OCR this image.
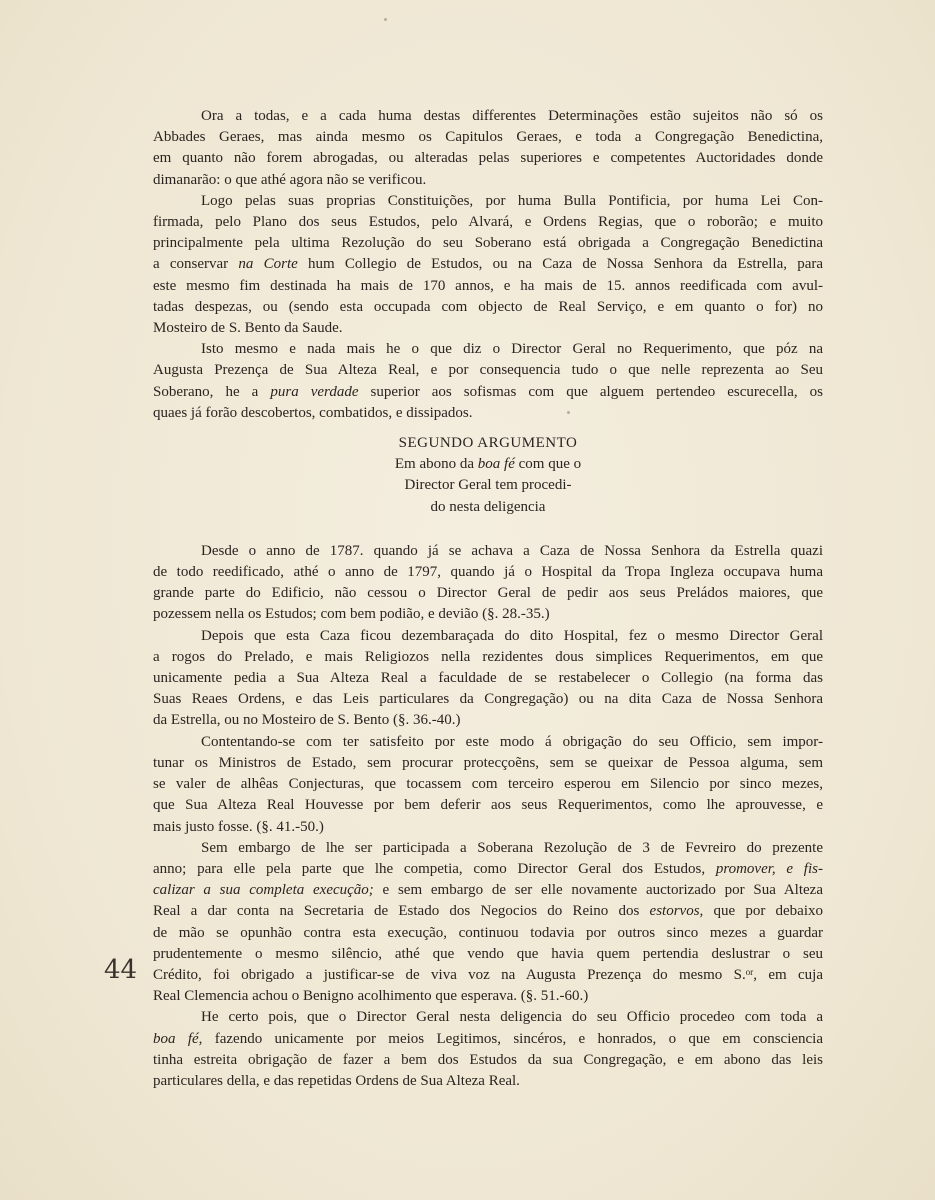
Ora a todas, e a cada huma destas differentes Determinações estão sujeitos não só os
Abbades Geraes, mas ainda mesmo os Capitulos Geraes, e toda a Congregação Benedictina,
em quanto não forem abrogadas, ou alteradas pelas superiores e competentes Auctoridades donde
dimanarão: o que athé agora não se verificou.

Logo pelas suas proprias Constituições, por huma Bulla Pontificia, por huma Lei Con-
firmada, pelo Plano dos seus Estudos, pelo Alvará, e Ordens Regias, que o roborão; e muito
principalmente pela ultima Rezolução do seu Soberano está obrigada a Congregação Benedictina
a conservar na Corte hum Collegio de Estudos, ou na Caza de Nossa Senhora da Estrella, para
este mesmo fim destinada ha mais de 170 annos, e ha mais de 15. annos reedificada com avul-
tadas despezas, ou (sendo esta occupada com objecto de Real Serviço, e em quanto o for) no
Mosteiro de S. Bento da Saude.

Isto mesmo e nada mais he o que diz o Director Geral no Requerimento, que póz na
Augusta Prezença de Sua Alteza Real, e por consequencia tudo o que nelle reprezenta ao Seu
Soberano, he a pura verdade superior aos sofismas com que alguem pertendeo escurecella, os
quaes já forão descobertos, combatidos, e dissipados.

SEGUNDO ARGUMENTO
Em abono da boa fé com que o
Director Geral tem procedi-
do nesta deligencia

Desde o anno de 1787. quando já se achava a Caza de Nossa Senhora da Estrella quazi
de todo reedificado, athé o anno de 1797, quando já o Hospital da Tropa Ingleza occupava huma
grande parte do Edificio, não cessou o Director Geral de pedir aos seus Preládos maiores, que
pozessem nella os Estudos; com bem podião, e devião (§. 28.-35.)

Depois que esta Caza ficou dezembaraçada do dito Hospital, fez o mesmo Director Geral
a rogos do Prelado, e mais Religiozos nella rezidentes dous simplices Requerimentos, em que
unicamente pedia a Sua Alteza Real a faculdade de se restabelecer o Collegio (na forma das
Suas Reaes Ordens, e das Leis particulares da Congregação) ou na dita Caza de Nossa Senhora
da Estrella, ou no Mosteiro de S. Bento (§. 36.-40.)

Contentando-se com ter satisfeito por este modo á obrigação do seu Officio, sem impor-
tunar os Ministros de Estado, sem procurar protecçoẽns, sem se queixar de Pessoa alguma, sem
se valer de alhêas Conjecturas, que tocassem com terceiro esperou em Silencio por sinco mezes,
que Sua Alteza Real Houvesse por bem deferir aos seus Requerimentos, como lhe aprouvesse, e
mais justo fosse. (§. 41.-50.)

Sem embargo de lhe ser participada a Soberana Rezolução de 3 de Fevreiro do prezente
anno; para elle pela parte que lhe competia, como Director Geral dos Estudos, promover, e fis-
calizar a sua completa execução; e sem embargo de ser elle novamente auctorizado por Sua Alteza
Real a dar conta na Secretaria de Estado dos Negocios do Reino dos estorvos, que por debaixo
de mão se opunhão contra esta execução, continuou todavia por outros sinco mezes a guardar
prudentemente o mesmo silêncio, athé que vendo que havia quem pertendia deslustrar o seu
Crédito, foi obrigado a justificar-se de viva voz na Augusta Prezença do mesmo S.ᵒʳ, em cuja
Real Clemencia achou o Benigno acolhimento que esperava. (§. 51.-60.)

He certo pois, que o Director Geral nesta deligencia do seu Officio procedeo com toda a
boa fé, fazendo unicamente por meios Legitimos, sincéros, e honrados, o que em consciencia
tinha estreita obrigação de fazer a bem dos Estudos da sua Congregação, e em abono das leis
particulares della, e das repetidas Ordens de Sua Alteza Real.

44
